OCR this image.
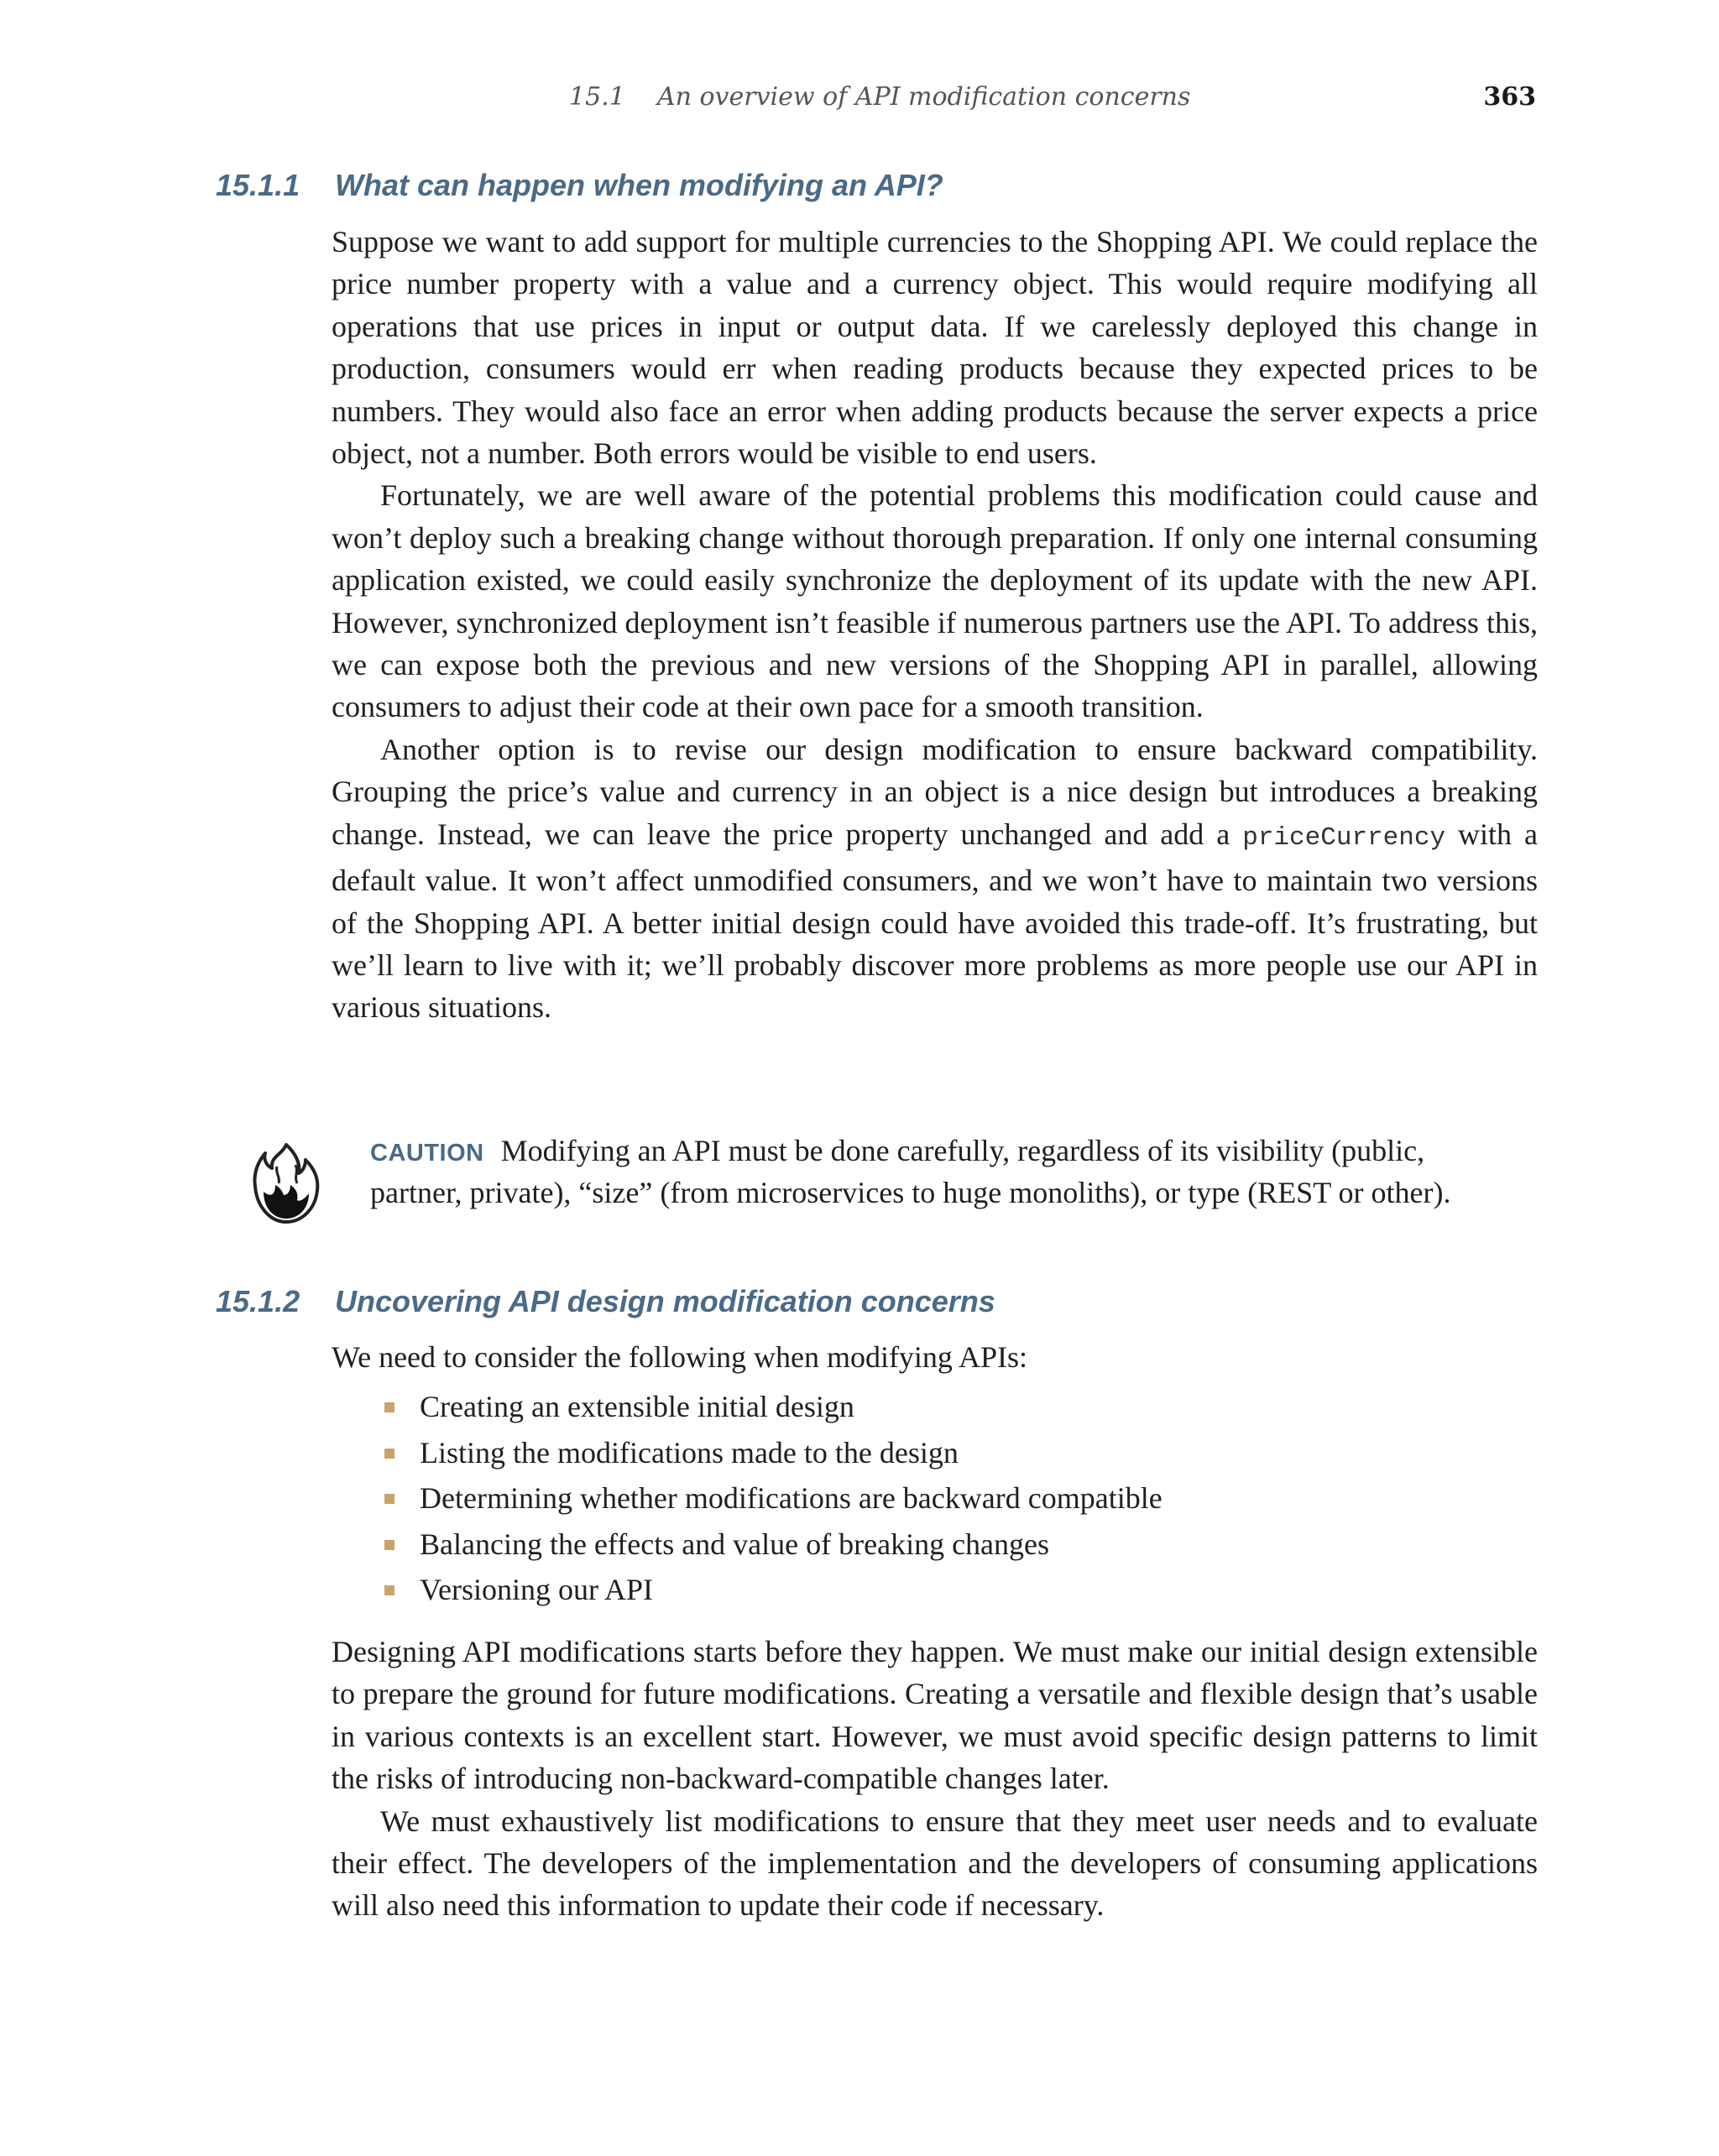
15.1    An overview of API modification concerns	363
15.1.1 What can happen when modifying an API?

Suppose we want to add support for multiple currencies to the Shopping API. We could replace the price number property with a value and a currency object. This would require modifying all operations that use prices in input or output data. If we carelessly deployed this change in production, consumers would err when reading products because they expected prices to be numbers. They would also face an error when adding products because the server expects a price object, not a number. Both errors would be visible to end users.

Fortunately, we are well aware of the potential problems this modification could cause and won’t deploy such a breaking change without thorough preparation. If only one internal consuming application existed, we could easily synchronize the deployment of its update with the new API. However, synchronized deployment isn’t feasible if numerous partners use the API. To address this, we can expose both the previous and new versions of the Shopping API in parallel, allowing consumers to adjust their code at their own pace for a smooth transition.

Another option is to revise our design modification to ensure backward compatibility. Grouping the price’s value and currency in an object is a nice design but introduces a breaking change. Instead, we can leave the price property unchanged and add a priceCurrency with a default value. It won’t affect unmodified consumers, and we won’t have to maintain two versions of the Shopping API. A better initial design could have avoided this trade-off. It’s frustrating, but we’ll learn to live with it; we’ll probably discover more problems as more people use our API in various situations.

CAUTION Modifying an API must be done carefully, regardless of its visibility (public, partner, private), “size” (from microservices to huge monoliths), or type (REST or other).
15.1.2 Uncovering API design modification concerns

We need to consider the following when modifying APIs:

Creating an extensible initial design
Listing the modifications made to the design
Determining whether modifications are backward compatible
Balancing the effects and value of breaking changes
Versioning our API

Designing API modifications starts before they happen. We must make our initial design extensible to prepare the ground for future modifications. Creating a versatile and flexible design that’s usable in various contexts is an excellent start. However, we must avoid specific design patterns to limit the risks of introducing non-backward-compatible changes later.

We must exhaustively list modifications to ensure that they meet user needs and to evaluate their effect. The developers of the implementation and the developers of consuming applications will also need this information to update their code if necessary.
